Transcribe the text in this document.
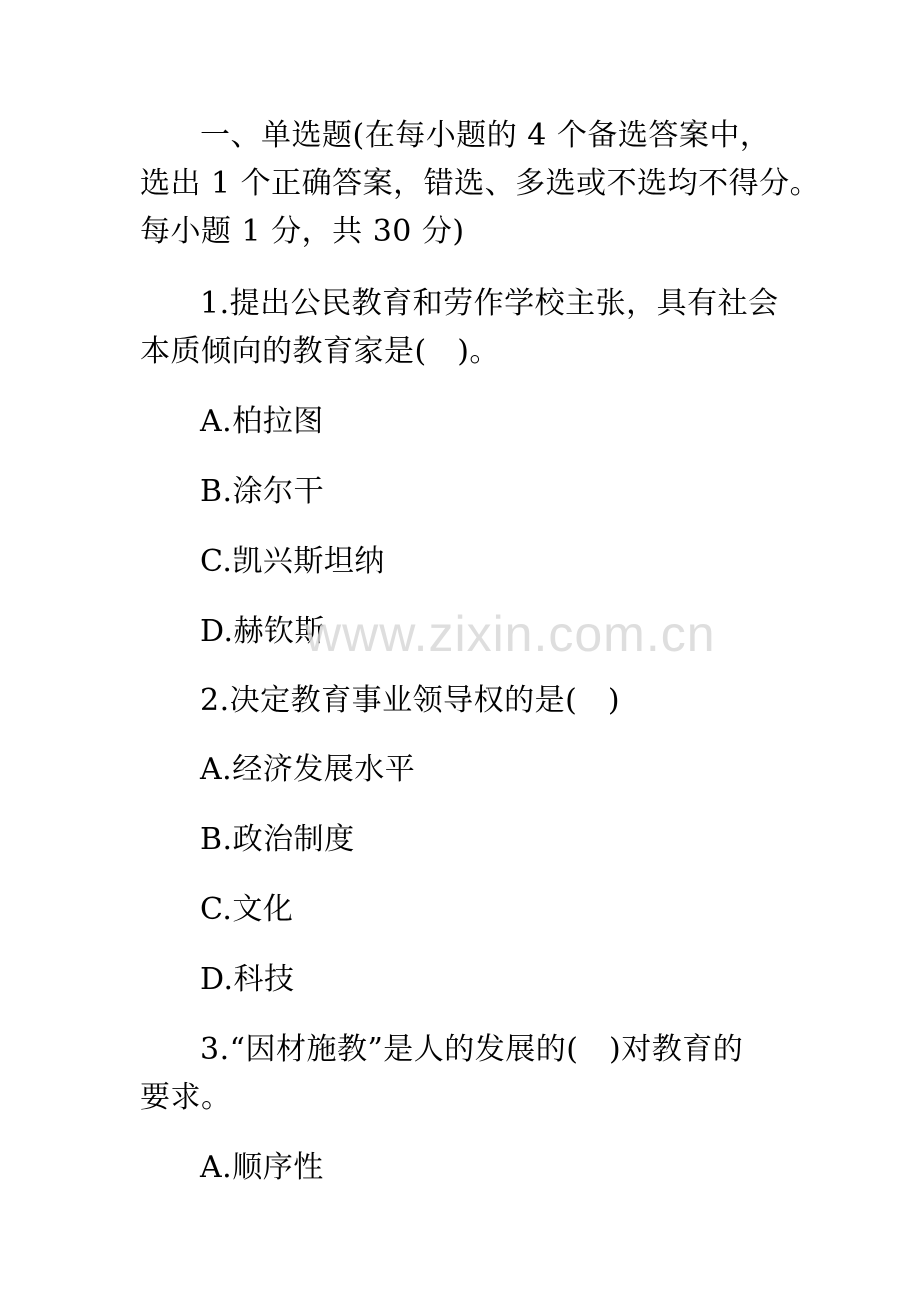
一、单选题(在每小题的 4 个备选答案中，
选出 1 个正确答案，错选、多选或不选均不得分。
每小题 1 分，共 30 分)
1.提出公民教育和劳作学校主张，具有社会
本质倾向的教育家是(　)。
A.柏拉图
B.涂尔干
C.凯兴斯坦纳
D.赫钦斯
2.决定教育事业领导权的是(　)
A.经济发展水平
B.政治制度
C.文化
D.科技
3.“因材施教”是人的发展的(　)对教育的
要求。
A.顺序性
www.zixin.com.cn
